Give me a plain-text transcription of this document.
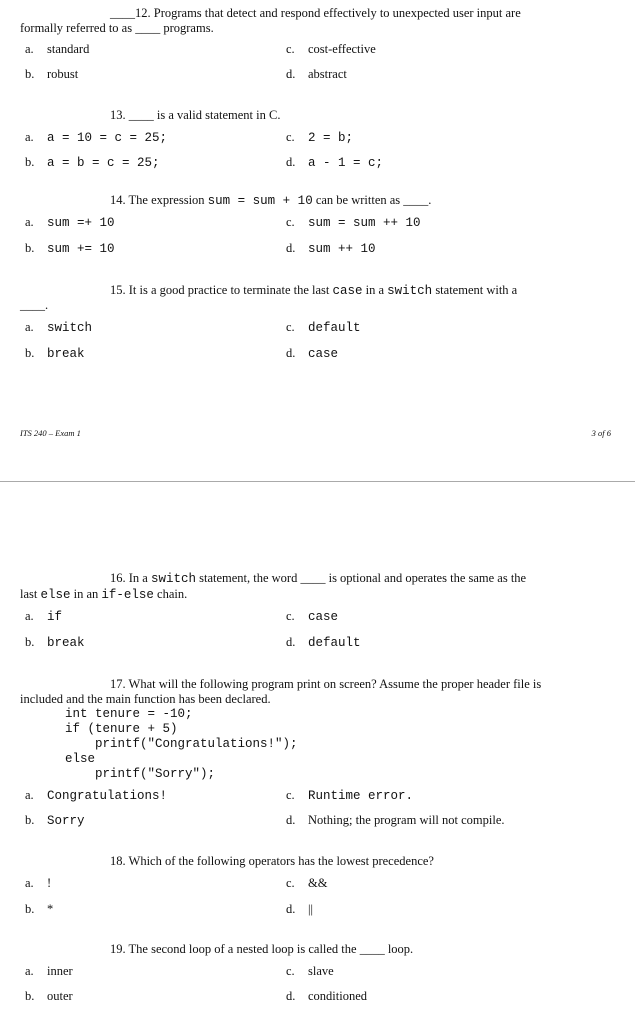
____12. Programs that detect and respond effectively to unexpected user input are
formally referred to as ____ programs.
a. standard
b. robust
c. cost-effective
d. abstract
13. ____ is a valid statement in C.
a. a = 10 = c = 25;
b. a = b = c = 25;
c. 2 = b;
d. a - 1 = c;
14. The expression sum = sum + 10 can be written as ____.
a. sum =+ 10
b. sum += 10
c. sum = sum ++ 10
d. sum ++ 10
15. It is a good practice to terminate the last case in a switch statement with a
____.
a. switch
b. break
c. default
d. case
ITS 240 – Exam 1	3 of 6
16. In a switch statement, the word ____ is optional and operates the same as the
last else in an if-else chain.
a. if
b. break
c. case
d. default
17. What will the following program print on screen? Assume the proper header file is
included and the main function has been declared.
int tenure = -10;
if (tenure + 5)
printf("Congratulations!");
else
printf("Sorry");
a. Congratulations!
b. Sorry
c. Runtime error.
d. Nothing; the program will not compile.
18. Which of the following operators has the lowest precedence?
a. !
b. *
c. &&
d. ||
19. The second loop of a nested loop is called the ____ loop.
a. inner
b. outer
c. slave
d. conditioned
